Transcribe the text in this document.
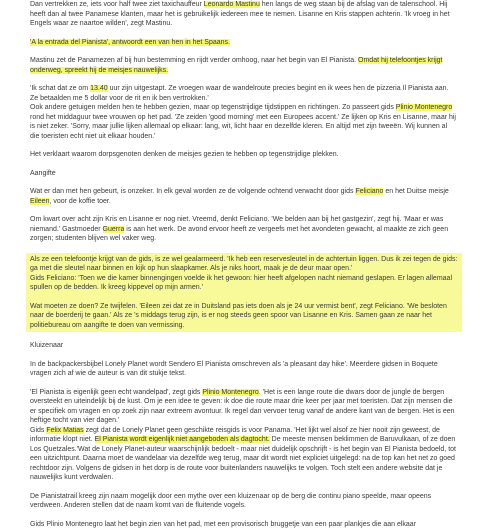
Dan vertrekken ze, iets voor half twee ziet taxichauffeur Leonardo Mastinu hen langs de weg staan bij de afslag van de talenschool. Hij heeft dan al twee Panamese klanten, maar het is gebruikelijk iedereen mee te nemen. Lisanne en Kris stappen achterin. 'Ik vroeg in het Engels waar ze naartoe wilden', zegt Mastinu.

'A la entrada del Pianista', antwoordt een van hen in het Spaans.

Mastinu zet de Panamezen af bij hun bestemming en rijdt verder omhoog, naar het begin van El Pianista. Omdat hij telefoontjes krijgt onderweg, spreekt hij de meisjes nauwelijks.

'Ik schat dat ze om 13.40 uur zijn uitgestapt. Ze vroegen waar de wandelroute precies begint en ik wees hen de pizzeria Il Pianista aan. Ze betaalden me 5 dollar voor de rit en ik ben vertrokken.'
Ook andere getuigen melden hen te hebben gezien, maar op tegenstrijdige tijdstippen en richtingen. Zo passeert gids Plinio Montenegro rond het middaguur twee vrouwen op het pad. 'Ze zeiden 'good morning' met een Europees accent.' Ze lijken op Kris en Lisanne, maar hij is niet zeker. 'Sorry, maar jullie lijken allemaal op elkaar: lang, wit, licht haar en dezelfde kleren. En altijd met zijn tweeën. Wij kunnen al die toeristen echt niet uit elkaar houden.'

Het verklaart waarom dorpsgenoten denken de meisjes gezien te hebben op tegenstrijdige plekken.

Aangifte

Wat er dan met hen gebeurt, is onzeker. In elk geval worden ze de volgende ochtend verwacht door gids Feliciano en het Duitse meisje Eileen, voor de koffie toer.

Om kwart over acht zijn Kris en Lisanne er nog niet. Vreemd, denkt Feliciano. 'We belden aan bij het gastgezin', zegt hij. 'Maar er was niemand.' Gastmoeder Guerra is aan het werk. De avond ervoor heeft ze vergeefs met het avondeten gewacht, al maakte ze zich geen zorgen; studenten blijven wel vaker weg.

Als ze een telefoontje krijgt van de gids, is ze wel gealarmeerd. 'Ik heb een reservesleutel in de achtertuin liggen. Dus ik zei tegen de gids: ga met die sleutel naar binnen en kijk op hun slaapkamer. Als je niks hoort, maak je de deur maar open.'
Gids Feliciano: 'Toen we die kamer binnengingen voelde ik het gewoon: hier heeft afgelopen nacht niemand geslapen. Er lagen allemaal spullen op de bedden. Ik kreeg kippevel op mijn armen.'

Wat moeten ze doen? Ze twijfelen. 'Eileen zei dat ze in Duitsland pas iets doen als je 24 uur vermist bent', zegt Feliciano. 'We besloten naar de boerderij te gaan.' Als ze 's middags terug zijn, is er nog steeds geen spoor van Lisanne en Kris. Samen gaan ze naar het politiebureau om aangifte te doen van vermissing.

Kluizenaar

In de backpackersbijbel Lonely Planet wordt Sendero El Pianista omschreven als 'a pleasant day hike'. Meerdere gidsen in Boquete vragen zich af wie de auteur is van dit stukje tekst.

'El Pianista is eigenlijk geen echt wandelpad', zegt gids Plinio Montenegro. 'Het is een lange route die dwars door de jungle de bergen oversteekt en uiteindelijk bij de kust. Om je een idee te geven: ik doe die route maar drie keer per jaar met toeristen. Dat zijn mensen die er specifiek om vragen en op zoek zijn naar extreem avontuur. Ik regel dan vervoer terug vanaf de andere kant van de bergen. Het is een heftige tocht van vier dagen.'
Gids Felix Matias zegt dat de Lonely Planet geen geschikte reisgids is voor Panama. 'Het lijkt wel alsof ze hier nooit zijn geweest, de informatie klopt niet. El Pianista wordt eigenlijk niet aangeboden als dagtocht. De meeste mensen beklimmen de Baruvulkaan, of ze doen Los Quetzales.'Wat de Lonely Planet-auteur waarschijnlijk bedoelt - maar niet duidelijk opschrijft - is het begin van El Pianista bedoeld, tot een uitzichtpunt. Daarna moet de wandelaar via dezelfde weg terug, maar dit wordt niet expliciet uitgelegd: na de top kan het net zo goed rechtdoor zijn. Volgens de gidsen in het dorp is de route voor buitenlanders nauwelijks te volgen. Toch stelt een andere website dat je nauwelijks kunt verdwalen.

De Pianistatrail kreeg zijn naam mogelijk door een mythe over een kluizenaar op de berg die continu piano speelde, maar opeens verdween. Anderen stellen dat de naam komt van de fluitende vogels.

Gids Plinio Montenegro laat het begin zien van het pad, met een provisorisch bruggetje van een paar plankjes die aan elkaar
